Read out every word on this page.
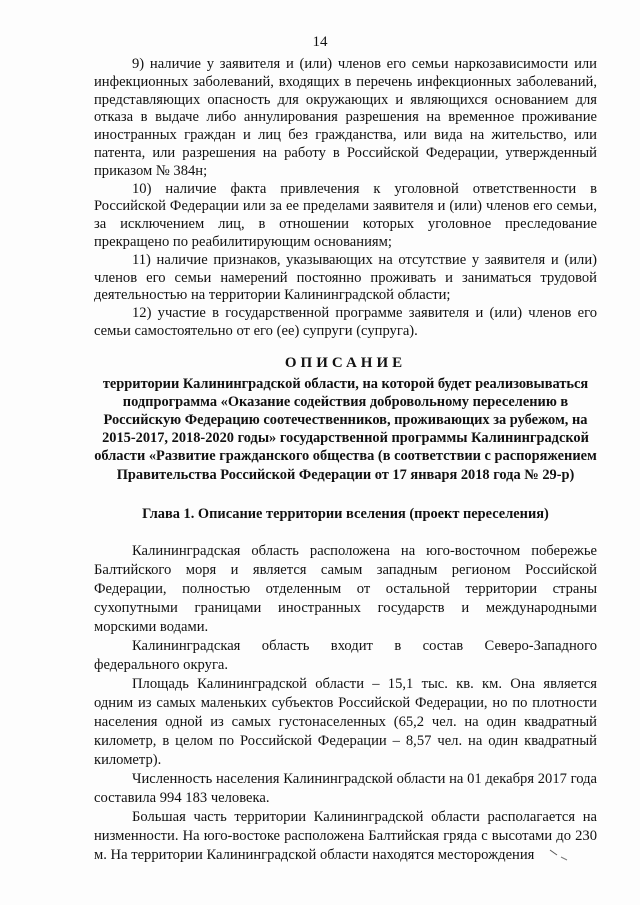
14

9) наличие у заявителя и (или) членов его семьи наркозависимости или инфекционных заболеваний, входящих в перечень инфекционных заболеваний, представляющих опасность для окружающих и являющихся основанием для отказа в выдаче либо аннулирования разрешения на временное проживание иностранных граждан и лиц без гражданства, или вида на жительство, или патента, или разрешения на работу в Российской Федерации, утвержденный приказом № 384н;

10) наличие факта привлечения к уголовной ответственности в Российской Федерации или за ее пределами заявителя и (или) членов его семьи, за исключением лиц, в отношении которых уголовное преследование прекращено по реабилитирующим основаниям;

11) наличие признаков, указывающих на отсутствие у заявителя и (или) членов его семьи намерений постоянно проживать и заниматься трудовой деятельностью на территории Калининградской области;

12) участие в государственной программе заявителя и (или) членов его семьи самостоятельно от его (ее) супруги (супруга).

ОПИСАНИЕ

территории Калининградской области, на которой будет реализовываться подпрограмма «Оказание содействия добровольному переселению в Российскую Федерацию соотечественников, проживающих за рубежом, на 2015-2017, 2018-2020 годы» государственной программы Калининградской области «Развитие гражданского общества (в соответствии с распоряжением Правительства Российской Федерации от 17 января 2018 года № 29-р)

Глава 1. Описание территории вселения (проект переселения)

Калининградская область расположена на юго-восточном побережье Балтийского моря и является самым западным регионом Российской Федерации, полностью отделенным от остальной территории страны сухопутными границами иностранных государств и международными морскими водами.

Калининградская область входит в состав Северо-Западного федерального округа.

Площадь Калининградской области – 15,1 тыс. кв. км. Она является одним из самых маленьких субъектов Российской Федерации, но по плотности населения одной из самых густонаселенных (65,2 чел. на один квадратный километр, в целом по Российской Федерации – 8,57 чел. на один квадратный километр).

Численность населения Калининградской области на 01 декабря 2017 года составила 994 183 человека.

Большая часть территории Калининградской области располагается на низменности. На юго-востоке расположена Балтийская гряда с высотами до 230 м. На территории Калининградской области находятся месторождения
